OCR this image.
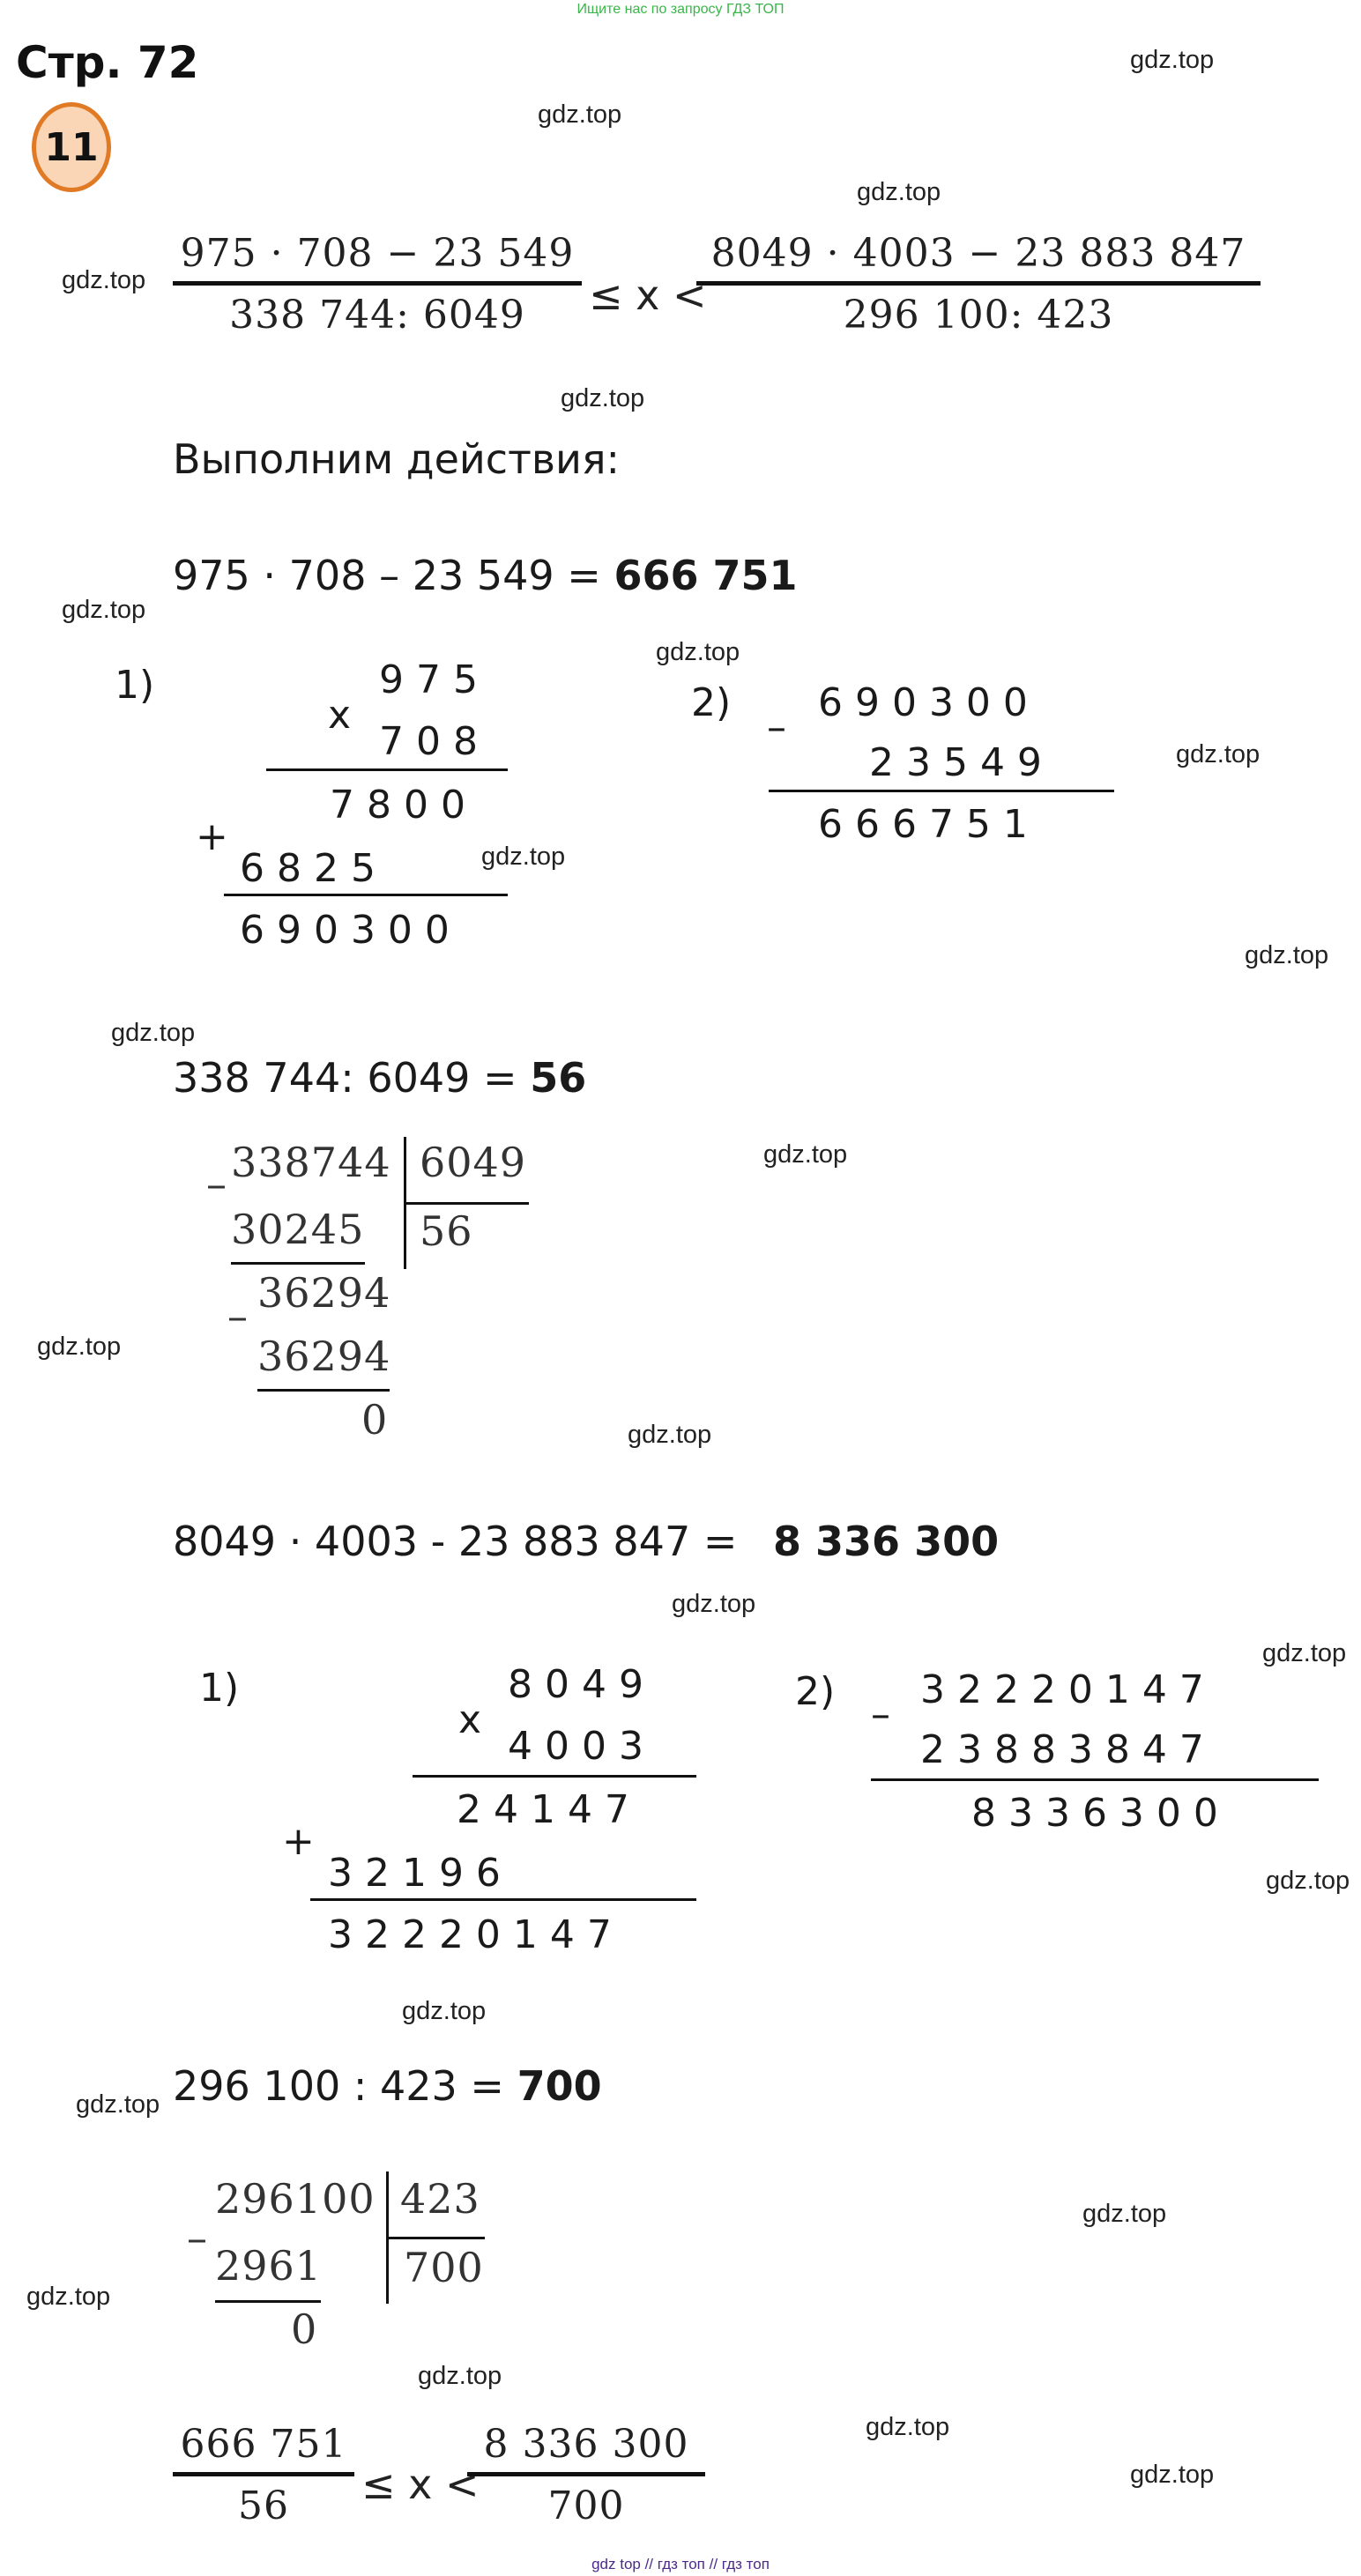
Ищите нас по запросу ГДЗ ТОП
Стр. 72
11
gdz.top
gdz.top
gdz.top
gdz.top
gdz.top
gdz.top
gdz.top
gdz.top
gdz.top
gdz.top
gdz.top
gdz.top
gdz.top
gdz.top
gdz.top
gdz.top
gdz.top
gdz.top
gdz.top
gdz.top
gdz.top
gdz.top
gdz.top
gdz.top
975 · 708 − 23 549
338 744: 6049	≤ x <
8049 · 4003 − 23 883 847
296 100: 423
Выполним действия:
975 · 708 – 23 549 = 666 751
1)
x
9 7 5
7 0 8
7 8 0 0
+
6 8 2 5
6 9 0 3 0 0
2)
–
6 9 0 3 0 0
2 3 5 4 9
6 6 6 7 5 1
338 744: 6049 = 56
– 338744 6049
30245 56
– 36294
36294
0
8049 · 4003 - 23 883 847 = 8 336 300
1)
x
8 0 4 9
4 0 0 3
2 4 1 4 7
+
3 2 1 9 6
3 2 2 2 0 1 4 7
2)
–
3 2 2 2 0 1 4 7
2 3 8 8 3 8 4 7
8 3 3 6 3 0 0
296 100 : 423 = 700
–
296100 423
2961 700
0
666 751
56	≤ x <
8 336 300
700
gdz top // гдз топ // гдз топ
